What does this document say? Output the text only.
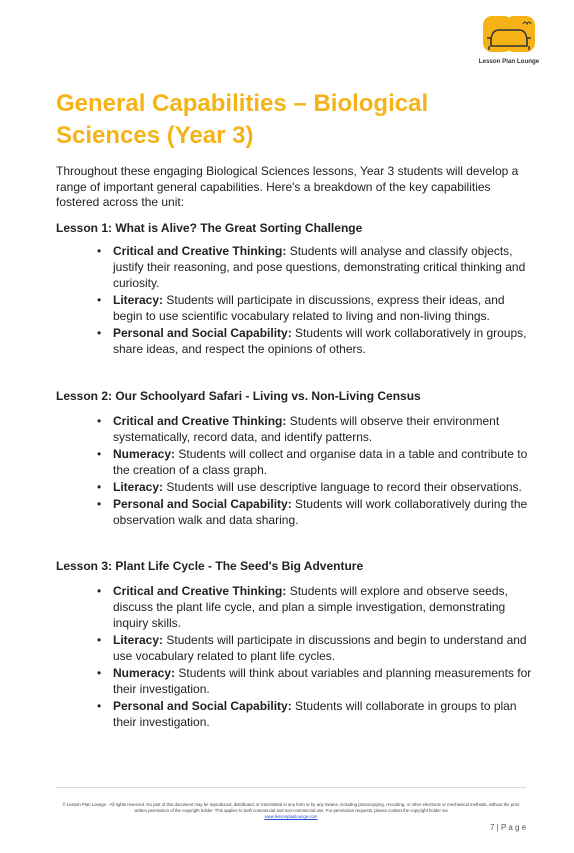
Lesson Plan Lounge
General Capabilities – Biological Sciences (Year 3)

Throughout these engaging Biological Sciences lessons, Year 3 students will develop a range of important general capabilities. Here's a breakdown of the key capabilities fostered across the unit:

Lesson 1: What is Alive? The Great Sorting Challenge

• Critical and Creative Thinking: Students will analyse and classify objects, justify their reasoning, and pose questions, demonstrating critical thinking and curiosity.
• Literacy: Students will participate in discussions, express their ideas, and begin to use scientific vocabulary related to living and non-living things.
• Personal and Social Capability: Students will work collaboratively in groups, share ideas, and respect the opinions of others.

Lesson 2: Our Schoolyard Safari - Living vs. Non-Living Census

• Critical and Creative Thinking: Students will observe their environment systematically, record data, and identify patterns.
• Numeracy: Students will collect and organise data in a table and contribute to the creation of a class graph.
• Literacy: Students will use descriptive language to record their observations.
• Personal and Social Capability: Students will work collaboratively during the observation walk and data sharing.

Lesson 3: Plant Life Cycle - The Seed's Big Adventure

• Critical and Creative Thinking: Students will explore and observe seeds, discuss the plant life cycle, and plan a simple investigation, demonstrating inquiry skills.
• Literacy: Students will participate in discussions and begin to understand and use vocabulary related to plant life cycles.
• Numeracy: Students will think about variables and planning measurements for their investigation.
• Personal and Social Capability: Students will collaborate in groups to plan their investigation.

© Lesson Plan Lounge - All rights reserved. No part of this document may be reproduced, distributed, or transmitted in any form or by any means, including photocopying, recording, or other electronic or mechanical methods, without the prior written permission of the copyright holder. This applies to both commercial and non-commercial use. For permission requests, please contact the copyright holder via
www.lessonplanlounge.com

7 | P a g e
